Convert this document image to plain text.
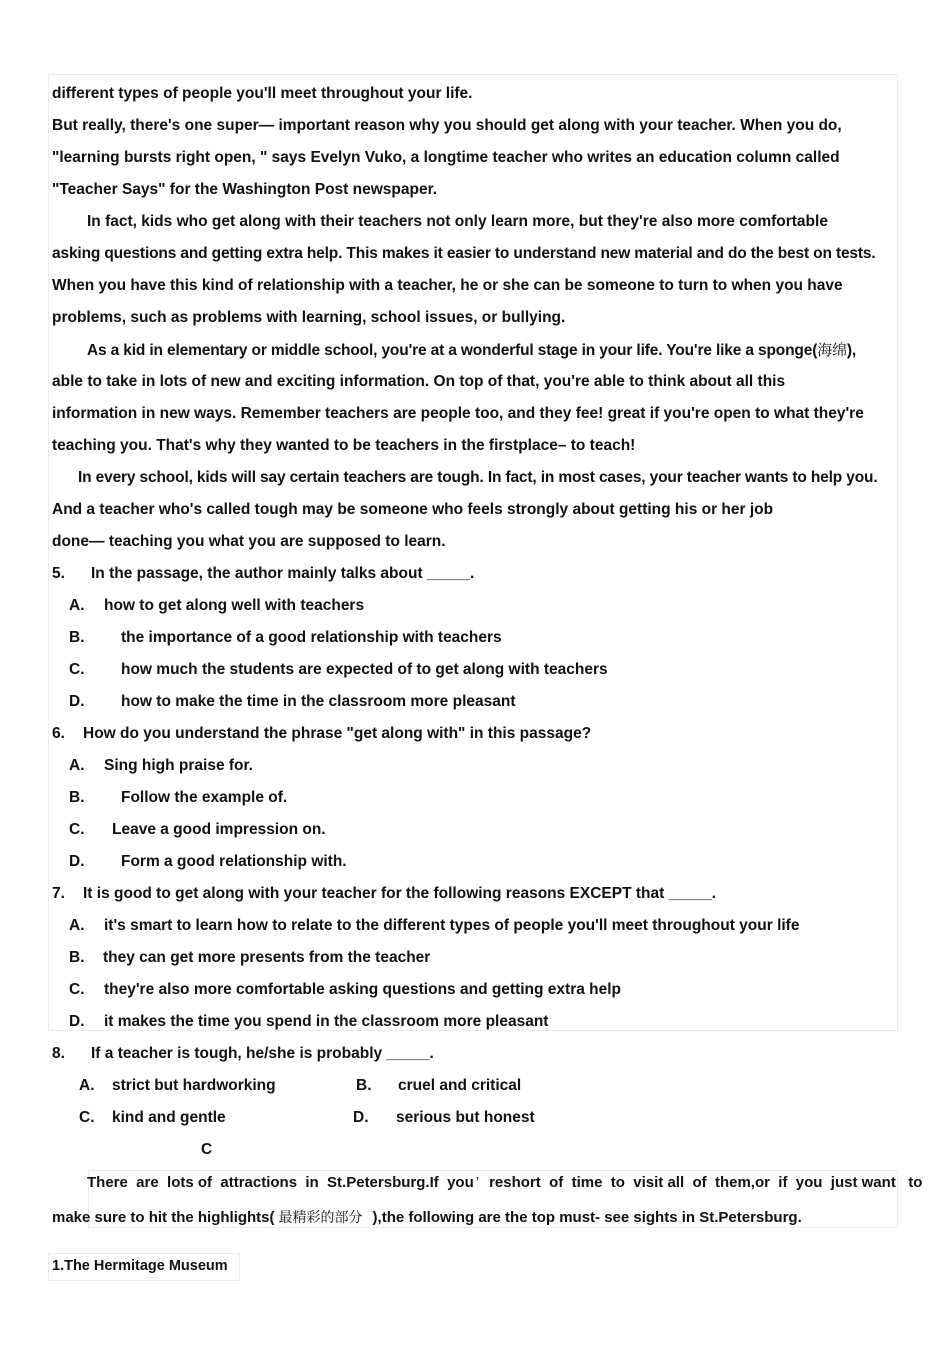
different types of people you'll meet throughout your life.
But really, there's one super— important reason why you should get along with your teacher. When you do,
"learning bursts right open, " says Evelyn Vuko, a longtime teacher who writes an education column called
"Teacher Says" for the Washington Post newspaper.
In fact, kids who get along with their teachers not only learn more, but they're also more comfortable
asking questions and getting extra help. This makes it easier to understand new material and do the best on tests.
When you have this kind of relationship with a teacher, he or she can be someone to turn to when you have
problems, such as problems with learning, school issues, or bullying.
As a kid in elementary or middle school, you're at a wonderful stage in your life. You're like a sponge(海绵),
able to take in lots of new and exciting information. On top of that, you're able to think about all this
information in new ways. Remember teachers are people too, and they fee! great if you're open to what they're
teaching you. That's why they wanted to be teachers in the firstplace– to teach!
In every school, kids will say certain teachers are tough. In fact, in most cases, your teacher wants to help you.
And a teacher who's called tough may be someone who feels strongly about getting his or her job
done— teaching you what you are supposed to learn.
5. In the passage, the author mainly talks about _____.
A. how to get along well with teachers
B. the importance of a good relationship with teachers
C. how much the students are expected of to get along with teachers
D. how to make the time in the classroom more pleasant
6. How do you understand the phrase "get along with" in this passage?
A. Sing high praise for.
B. Follow the example of.
C. Leave a good impression on.
D. Form a good relationship with.
7. It is good to get along with your teacher for the following reasons EXCEPT that _____.
A. it's smart to learn how to relate to the different types of people you'll meet throughout your life
B. they can get more presents from the teacher
C. they're also more comfortable asking questions and getting extra help
D. it makes the time you spend in the classroom more pleasant
8. If a teacher is tough, he/she is probably _____.
A. strict but hardworking	B. cruel and critical
C. kind and gentle	D. serious but honest
C
There  are  lots of  attractions  in  St.Petersburg.If  you ’ reshort  of  time  to  visit all  of  them,or  if  you  just want   to
make sure to hit the highlights( 最精彩的部分 ),the following are the top must- see sights in St.Petersburg.
1.The Hermitage Museum
